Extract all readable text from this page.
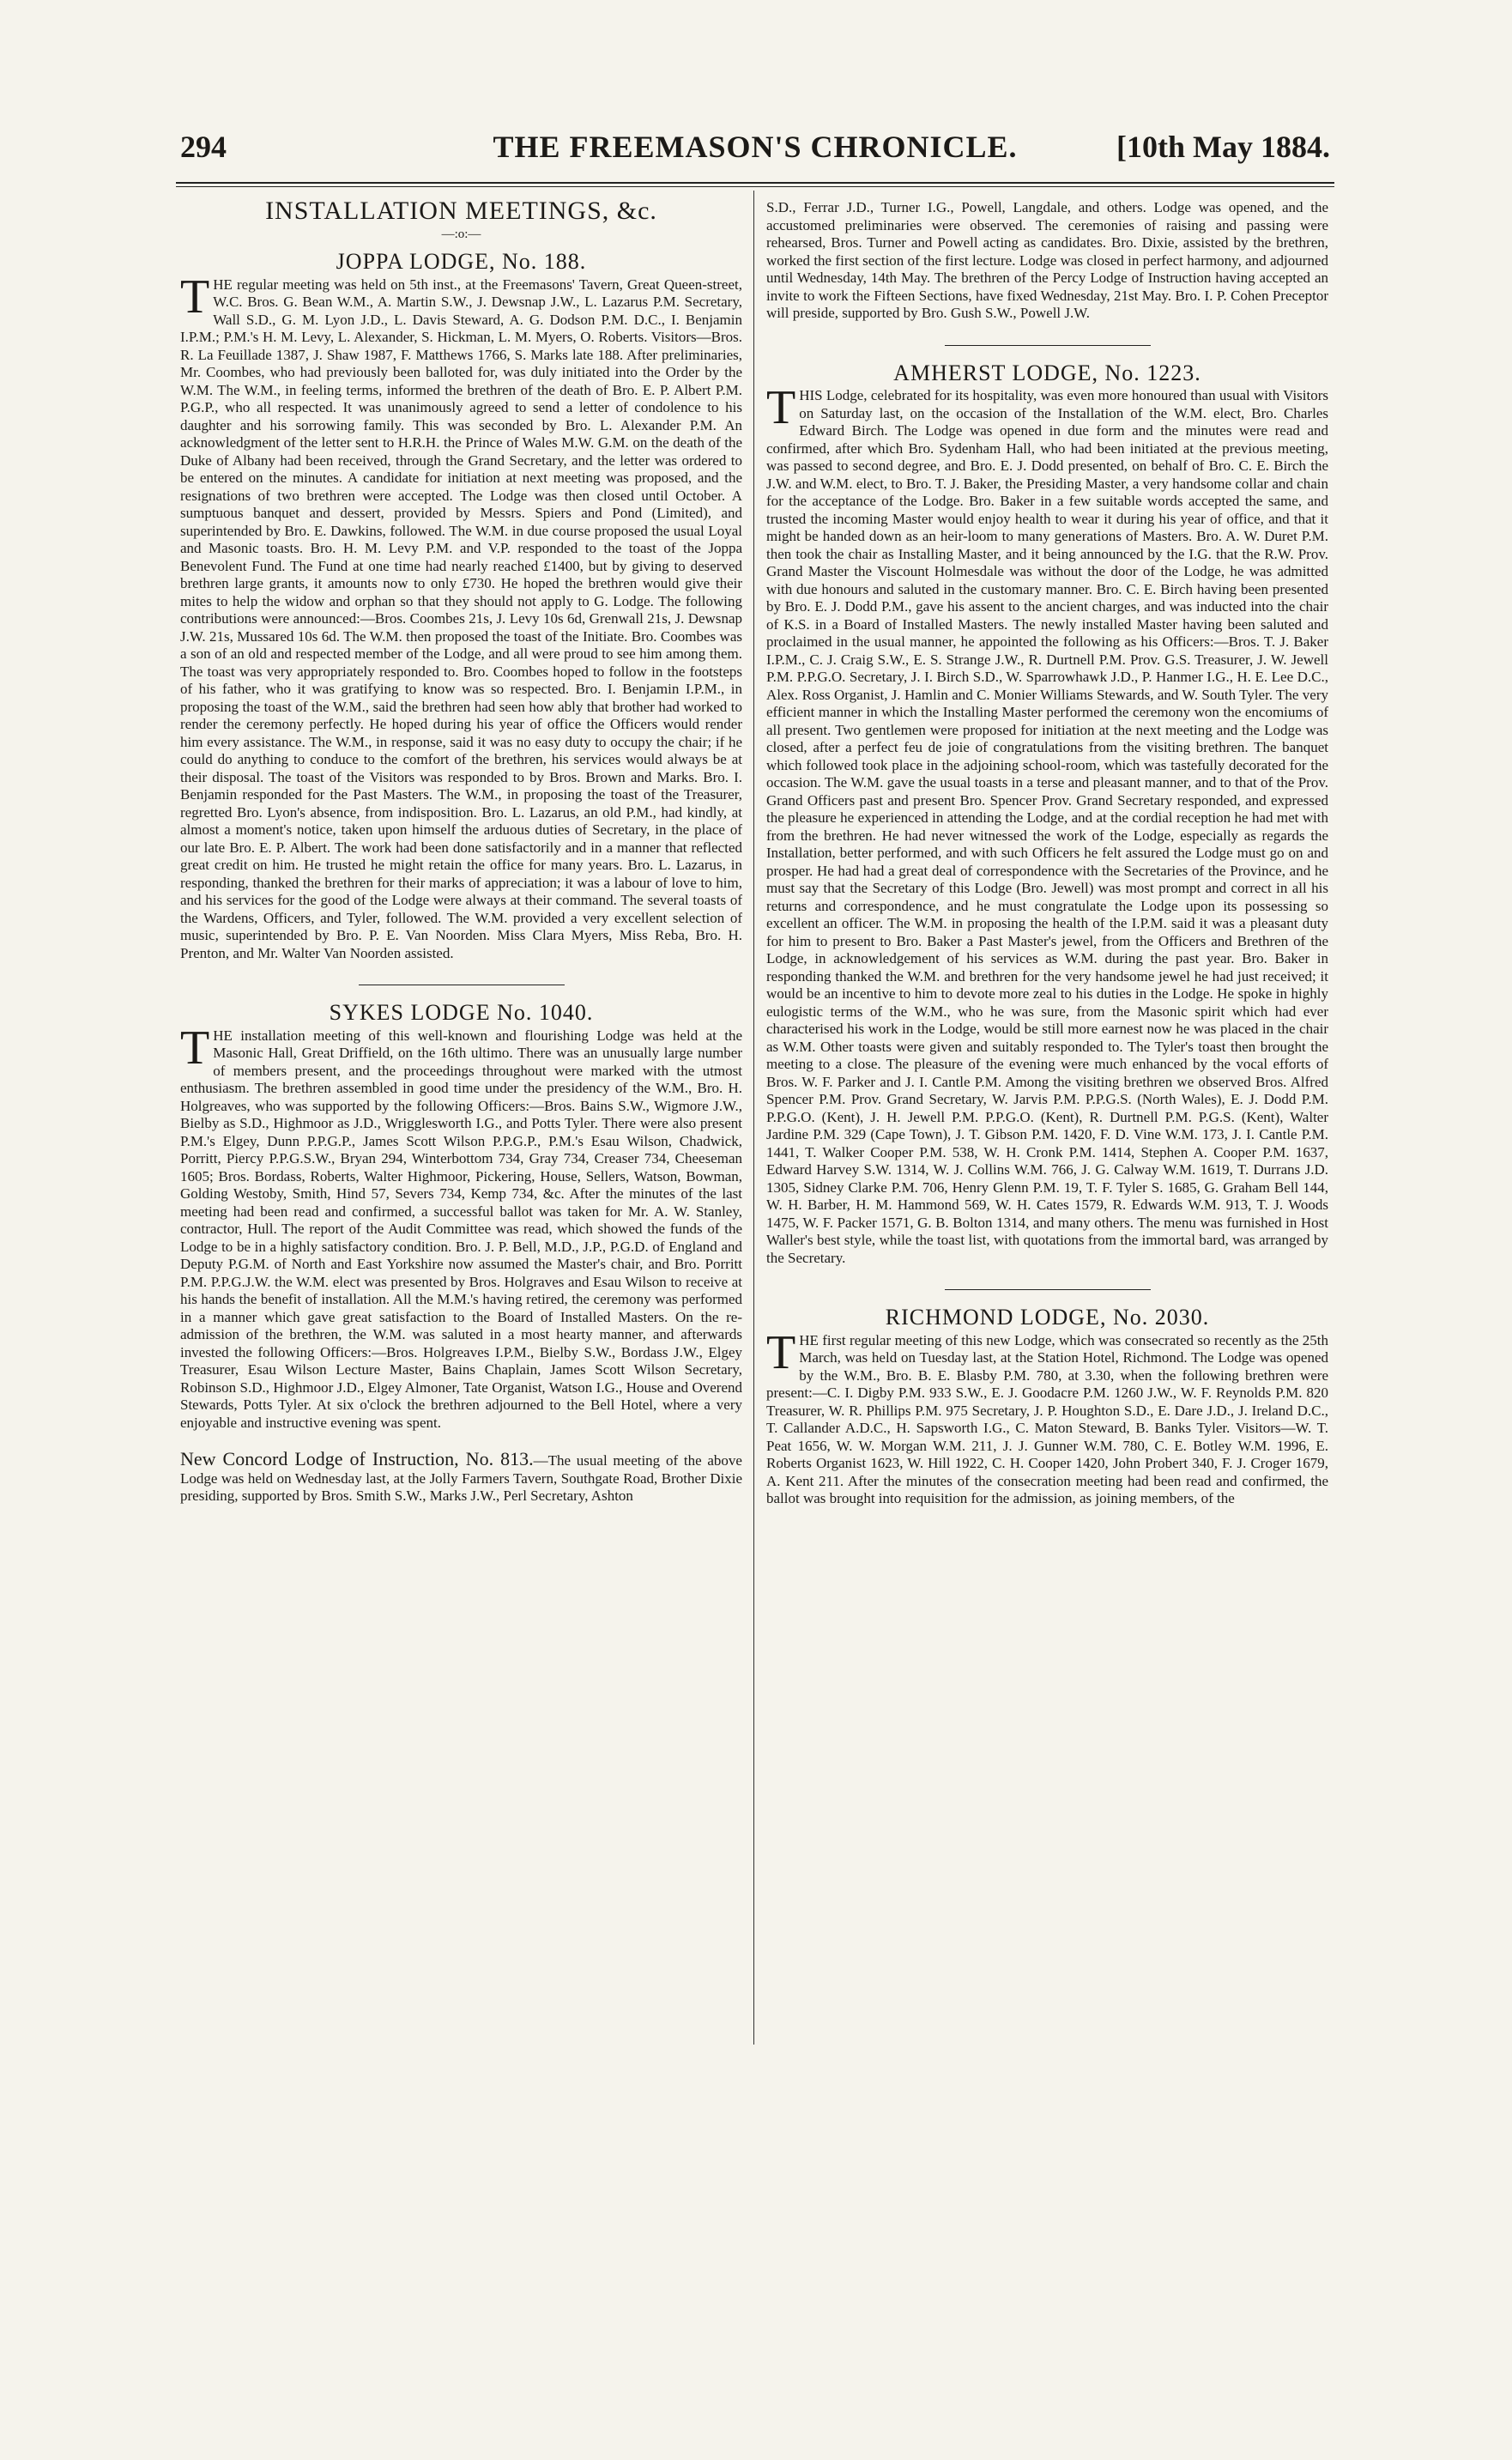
294	THE FREEMASON'S CHRONICLE.	[10th May 1884.
INSTALLATION MEETINGS, &c.
—:o:—
JOPPA LODGE, No. 188.

THE regular meeting was held on 5th inst., at the Freemasons' Tavern, Great Queen-street, W.C. Bros. G. Bean W.M., A. Martin S.W., J. Dewsnap J.W., L. Lazarus P.M. Secretary, Wall S.D., G. M. Lyon J.D., L. Davis Steward, A. G. Dodson P.M. D.C., I. Benjamin I.P.M.; P.M.'s H. M. Levy, L. Alexander, S. Hickman, L. M. Myers, O. Roberts. Visitors—Bros. R. La Feuillade 1387, J. Shaw 1987, F. Matthews 1766, S. Marks late 188. After preliminaries, Mr. Coombes, who had previously been balloted for, was duly initiated into the Order by the W.M. The W.M., in feeling terms, informed the brethren of the death of Bro. E. P. Albert P.M. P.G.P., who all respected. It was unanimously agreed to send a letter of condolence to his daughter and his sorrowing family. This was seconded by Bro. L. Alexander P.M. An acknowledgment of the letter sent to H.R.H. the Prince of Wales M.W. G.M. on the death of the Duke of Albany had been received, through the Grand Secretary, and the letter was ordered to be entered on the minutes. A candidate for initiation at next meeting was proposed, and the resignations of two brethren were accepted. The Lodge was then closed until October. A sumptuous banquet and dessert, provided by Messrs. Spiers and Pond (Limited), and superintended by Bro. E. Dawkins, followed. The W.M. in due course proposed the usual Loyal and Masonic toasts. Bro. H. M. Levy P.M. and V.P. responded to the toast of the Joppa Benevolent Fund. The Fund at one time had nearly reached £1400, but by giving to deserved brethren large grants, it amounts now to only £730. He hoped the brethren would give their mites to help the widow and orphan so that they should not apply to G. Lodge. The following contributions were announced:—Bros. Coombes 21s, J. Levy 10s 6d, Grenwall 21s, J. Dewsnap J.W. 21s, Mussared 10s 6d. The W.M. then proposed the toast of the Initiate. Bro. Coombes was a son of an old and respected member of the Lodge, and all were proud to see him among them. The toast was very appropriately responded to. Bro. Coombes hoped to follow in the footsteps of his father, who it was gratifying to know was so respected. Bro. I. Benjamin I.P.M., in proposing the toast of the W.M., said the brethren had seen how ably that brother had worked to render the ceremony perfectly. He hoped during his year of office the Officers would render him every assistance. The W.M., in response, said it was no easy duty to occupy the chair; if he could do anything to conduce to the comfort of the brethren, his services would always be at their disposal. The toast of the Visitors was responded to by Bros. Brown and Marks. Bro. I. Benjamin responded for the Past Masters. The W.M., in proposing the toast of the Treasurer, regretted Bro. Lyon's absence, from indisposition. Bro. L. Lazarus, an old P.M., had kindly, at almost a moment's notice, taken upon himself the arduous duties of Secretary, in the place of our late Bro. E. P. Albert. The work had been done satisfactorily and in a manner that reflected great credit on him. He trusted he might retain the office for many years. Bro. L. Lazarus, in responding, thanked the brethren for their marks of appreciation; it was a labour of love to him, and his services for the good of the Lodge were always at their command. The several toasts of the Wardens, Officers, and Tyler, followed. The W.M. provided a very excellent selection of music, superintended by Bro. P. E. Van Noorden. Miss Clara Myers, Miss Reba, Bro. H. Prenton, and Mr. Walter Van Noorden assisted.

SYKES LODGE No. 1040.

THE installation meeting of this well-known and flourishing Lodge was held at the Masonic Hall, Great Driffield, on the 16th ultimo. There was an unusually large number of members present, and the proceedings throughout were marked with the utmost enthusiasm. The brethren assembled in good time under the presidency of the W.M., Bro. H. Holgreaves, who was supported by the following Officers:—Bros. Bains S.W., Wigmore J.W., Bielby as S.D., Highmoor as J.D., Wrigglesworth I.G., and Potts Tyler. There were also present P.M.'s Elgey, Dunn P.P.G.P., James Scott Wilson P.P.G.P., P.M.'s Esau Wilson, Chadwick, Porritt, Piercy P.P.G.S.W., Bryan 294, Winterbottom 734, Gray 734, Creaser 734, Cheeseman 1605; Bros. Bordass, Roberts, Walter Highmoor, Pickering, House, Sellers, Watson, Bowman, Golding Westoby, Smith, Hind 57, Severs 734, Kemp 734, &c. After the minutes of the last meeting had been read and confirmed, a successful ballot was taken for Mr. A. W. Stanley, contractor, Hull. The report of the Audit Committee was read, which showed the funds of the Lodge to be in a highly satisfactory condition. Bro. J. P. Bell, M.D., J.P., P.G.D. of England and Deputy P.G.M. of North and East Yorkshire now assumed the Master's chair, and Bro. Porritt P.M. P.P.G.J.W. the W.M. elect was presented by Bros. Holgraves and Esau Wilson to receive at his hands the benefit of installation. All the M.M.'s having retired, the ceremony was performed in a manner which gave great satisfaction to the Board of Installed Masters. On the re-admission of the brethren, the W.M. was saluted in a most hearty manner, and afterwards invested the following Officers:—Bros. Holgreaves I.P.M., Bielby S.W., Bordass J.W., Elgey Treasurer, Esau Wilson Lecture Master, Bains Chaplain, James Scott Wilson Secretary, Robinson S.D., Highmoor J.D., Elgey Almoner, Tate Organist, Watson I.G., House and Overend Stewards, Potts Tyler. At six o'clock the brethren adjourned to the Bell Hotel, where a very enjoyable and instructive evening was spent.

New Concord Lodge of Instruction, No. 813.—The usual meeting of the above Lodge was held on Wednesday last, at the Jolly Farmers Tavern, Southgate Road, Brother Dixie presiding, supported by Bros. Smith S.W., Marks J.W., Perl Secretary, Ashton

S.D., Ferrar J.D., Turner I.G., Powell, Langdale, and others. Lodge was opened, and the accustomed preliminaries were observed. The ceremonies of raising and passing were rehearsed, Bros. Turner and Powell acting as candidates. Bro. Dixie, assisted by the brethren, worked the first section of the first lecture. Lodge was closed in perfect harmony, and adjourned until Wednesday, 14th May. The brethren of the Percy Lodge of Instruction having accepted an invite to work the Fifteen Sections, have fixed Wednesday, 21st May. Bro. I. P. Cohen Preceptor will preside, supported by Bro. Gush S.W., Powell J.W.

AMHERST LODGE, No. 1223.

THIS Lodge, celebrated for its hospitality, was even more honoured than usual with Visitors on Saturday last, on the occasion of the Installation of the W.M. elect, Bro. Charles Edward Birch. The Lodge was opened in due form and the minutes were read and confirmed, after which Bro. Sydenham Hall, who had been initiated at the previous meeting, was passed to second degree, and Bro. E. J. Dodd presented, on behalf of Bro. C. E. Birch the J.W. and W.M. elect, to Bro. T. J. Baker, the Presiding Master, a very handsome collar and chain for the acceptance of the Lodge. Bro. Baker in a few suitable words accepted the same, and trusted the incoming Master would enjoy health to wear it during his year of office, and that it might be handed down as an heir-loom to many generations of Masters. Bro. A. W. Duret P.M. then took the chair as Installing Master, and it being announced by the I.G. that the R.W. Prov. Grand Master the Viscount Holmesdale was without the door of the Lodge, he was admitted with due honours and saluted in the customary manner. Bro. C. E. Birch having been presented by Bro. E. J. Dodd P.M., gave his assent to the ancient charges, and was inducted into the chair of K.S. in a Board of Installed Masters. The newly installed Master having been saluted and proclaimed in the usual manner, he appointed the following as his Officers:—Bros. T. J. Baker I.P.M., C. J. Craig S.W., E. S. Strange J.W., R. Durtnell P.M. Prov. G.S. Treasurer, J. W. Jewell P.M. P.P.G.O. Secretary, J. I. Birch S.D., W. Sparrowhawk J.D., P. Hanmer I.G., H. E. Lee D.C., Alex. Ross Organist, J. Hamlin and C. Monier Williams Stewards, and W. South Tyler. The very efficient manner in which the Installing Master performed the ceremony won the encomiums of all present. Two gentlemen were proposed for initiation at the next meeting and the Lodge was closed, after a perfect feu de joie of congratulations from the visiting brethren. The banquet which followed took place in the adjoining school-room, which was tastefully decorated for the occasion. The W.M. gave the usual toasts in a terse and pleasant manner, and to that of the Prov. Grand Officers past and present Bro. Spencer Prov. Grand Secretary responded, and expressed the pleasure he experienced in attending the Lodge, and at the cordial reception he had met with from the brethren. He had never witnessed the work of the Lodge, especially as regards the Installation, better performed, and with such Officers he felt assured the Lodge must go on and prosper. He had had a great deal of correspondence with the Secretaries of the Province, and he must say that the Secretary of this Lodge (Bro. Jewell) was most prompt and correct in all his returns and correspondence, and he must congratulate the Lodge upon its possessing so excellent an officer. The W.M. in proposing the health of the I.P.M. said it was a pleasant duty for him to present to Bro. Baker a Past Master's jewel, from the Officers and Brethren of the Lodge, in acknowledgement of his services as W.M. during the past year. Bro. Baker in responding thanked the W.M. and brethren for the very handsome jewel he had just received; it would be an incentive to him to devote more zeal to his duties in the Lodge. He spoke in highly eulogistic terms of the W.M., who he was sure, from the Masonic spirit which had ever characterised his work in the Lodge, would be still more earnest now he was placed in the chair as W.M. Other toasts were given and suitably responded to. The Tyler's toast then brought the meeting to a close. The pleasure of the evening were much enhanced by the vocal efforts of Bros. W. F. Parker and J. I. Cantle P.M. Among the visiting brethren we observed Bros. Alfred Spencer P.M. Prov. Grand Secretary, W. Jarvis P.M. P.P.G.S. (North Wales), E. J. Dodd P.M. P.P.G.O. (Kent), J. H. Jewell P.M. P.P.G.O. (Kent), R. Durtnell P.M. P.G.S. (Kent), Walter Jardine P.M. 329 (Cape Town), J. T. Gibson P.M. 1420, F. D. Vine W.M. 173, J. I. Cantle P.M. 1441, T. Walker Cooper P.M. 538, W. H. Cronk P.M. 1414, Stephen A. Cooper P.M. 1637, Edward Harvey S.W. 1314, W. J. Collins W.M. 766, J. G. Calway W.M. 1619, T. Durrans J.D. 1305, Sidney Clarke P.M. 706, Henry Glenn P.M. 19, T. F. Tyler S. 1685, G. Graham Bell 144, W. H. Barber, H. M. Hammond 569, W. H. Cates 1579, R. Edwards W.M. 913, T. J. Woods 1475, W. F. Packer 1571, G. B. Bolton 1314, and many others. The menu was furnished in Host Waller's best style, while the toast list, with quotations from the immortal bard, was arranged by the Secretary.

RICHMOND LODGE, No. 2030.

THE first regular meeting of this new Lodge, which was consecrated so recently as the 25th March, was held on Tuesday last, at the Station Hotel, Richmond. The Lodge was opened by the W.M., Bro. B. E. Blasby P.M. 780, at 3.30, when the following brethren were present:—C. I. Digby P.M. 933 S.W., E. J. Goodacre P.M. 1260 J.W., W. F. Reynolds P.M. 820 Treasurer, W. R. Phillips P.M. 975 Secretary, J. P. Houghton S.D., E. Dare J.D., J. Ireland D.C., T. Callander A.D.C., H. Sapsworth I.G., C. Maton Steward, B. Banks Tyler. Visitors—W. T. Peat 1656, W. W. Morgan W.M. 211, J. J. Gunner W.M. 780, C. E. Botley W.M. 1996, E. Roberts Organist 1623, W. Hill 1922, C. H. Cooper 1420, John Probert 340, F. J. Croger 1679, A. Kent 211. After the minutes of the consecration meeting had been read and confirmed, the ballot was brought into requisition for the admission, as joining members, of the
